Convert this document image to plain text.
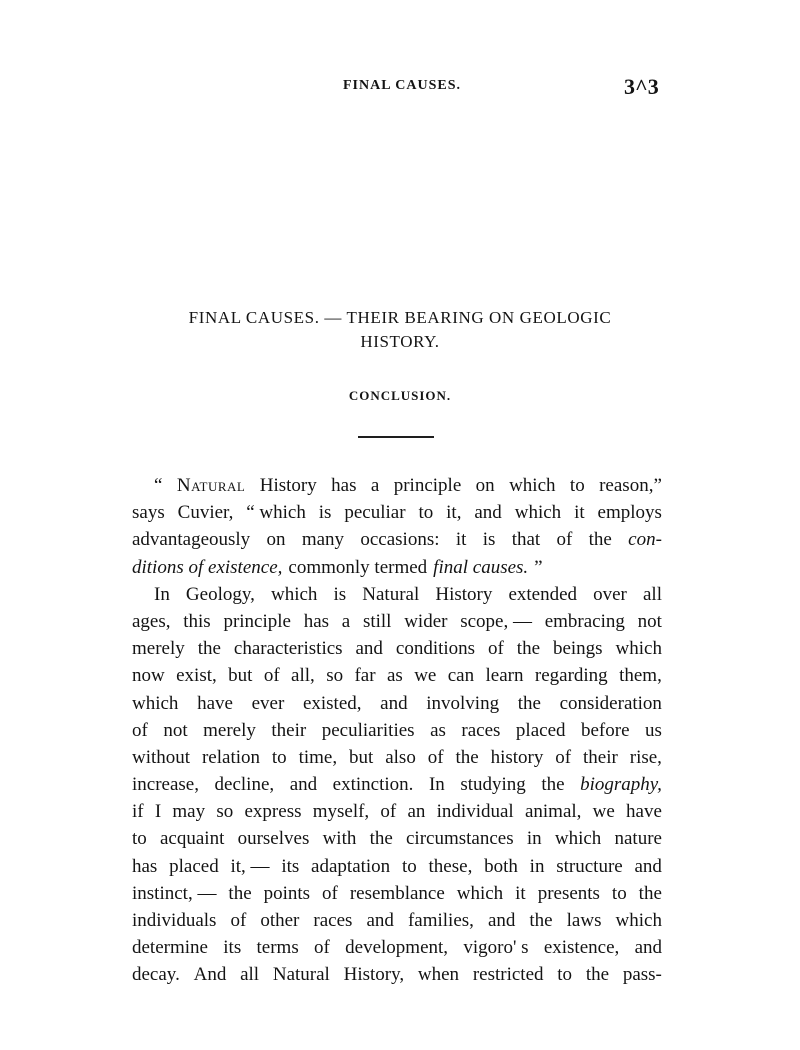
FINAL CAUSES.	3^3
FINAL CAUSES. — THEIR BEARING ON GEOLOGIC
HISTORY.
CONCLUSION.
“ Natural History has a principle on which to reason,”
says Cuvier, “ which is peculiar to it, and which it employs
advantageously on many occasions: it is that of the con-
ditions of existence, commonly termed final causes. ”
In Geology, which is Natural History extended over all
ages, this principle has a still wider scope, — embracing not
merely the characteristics and conditions of the beings which
now exist, but of all, so far as we can learn regarding them,
which have ever existed, and involving the consideration
of not merely their peculiarities as races placed before us
without relation to time, but also of the history of their rise,
increase, decline, and extinction. In studying the biography,
if I may so express myself, of an individual animal, we have
to acquaint ourselves with the circumstances in which nature
has placed it, — its adaptation to these, both in structure and
instinct, — the points of resemblance which it presents to the
individuals of other races and families, and the laws which
determine its terms of development, vigoro' s existence, and
decay. And all Natural History, when restricted to the pass-
